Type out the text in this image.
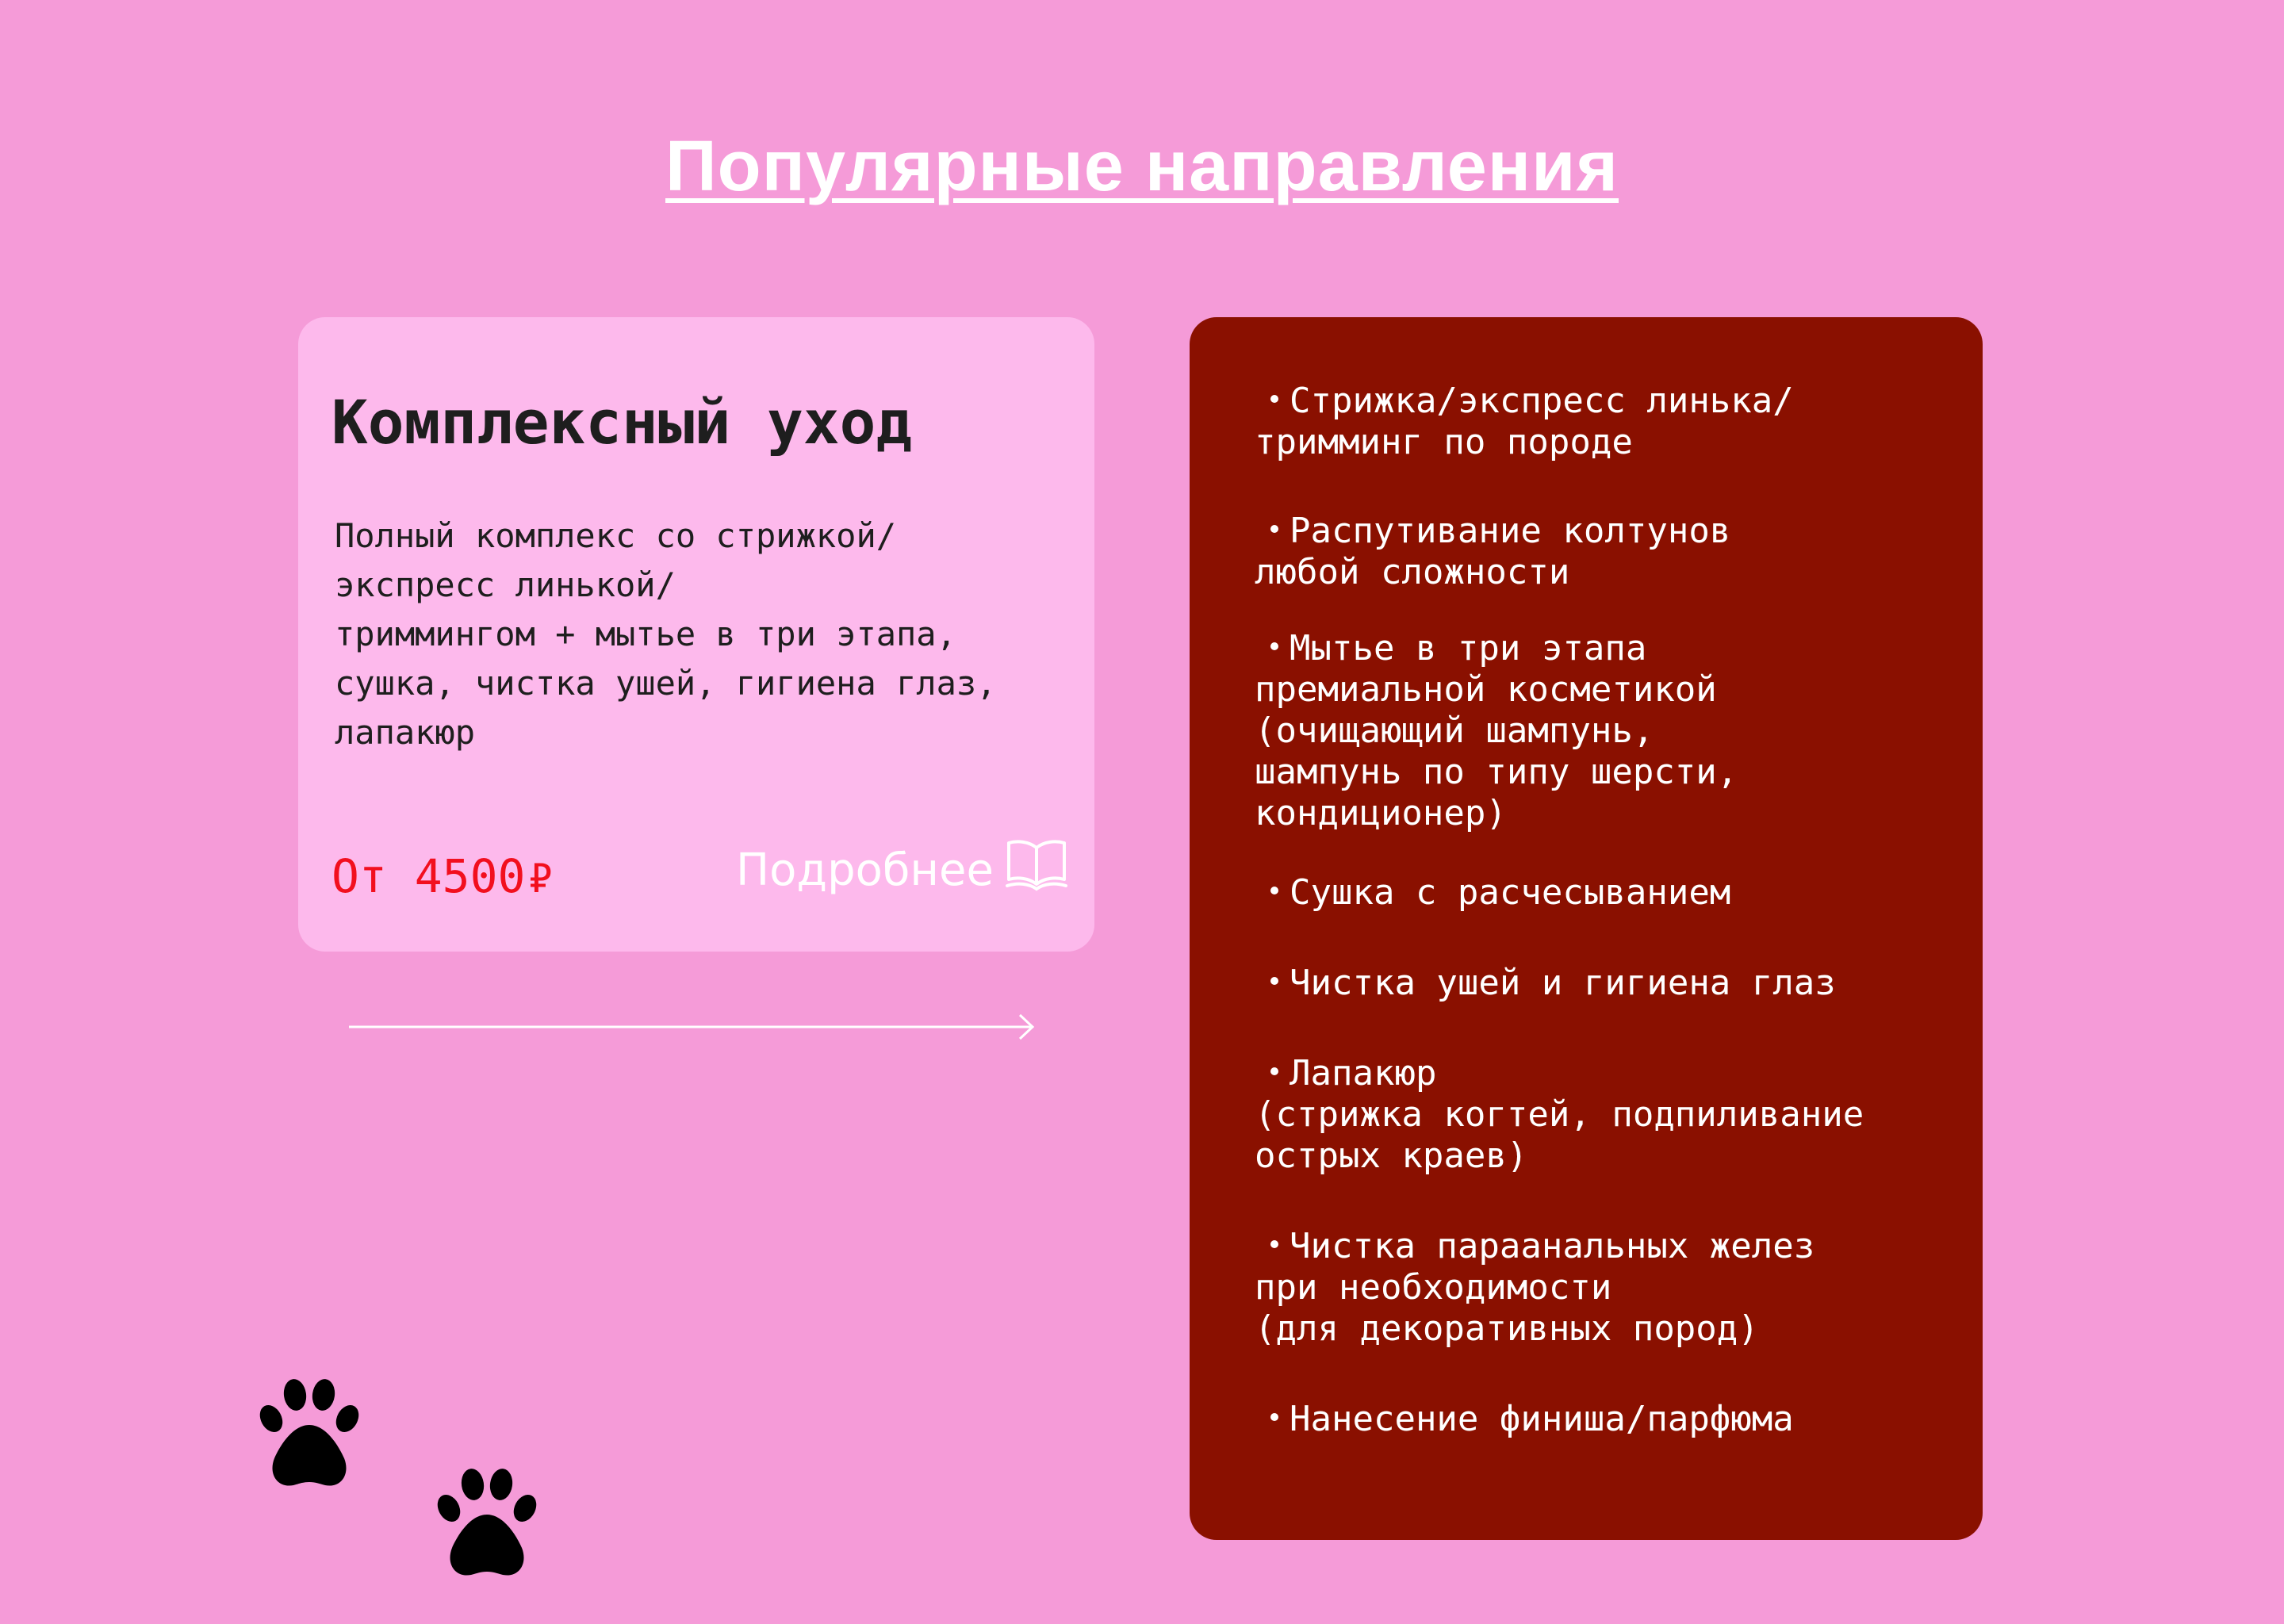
Популярные направления
Комплексный уход

Полный комплекс со стрижкой/
экспресс линькой/
триммингом + мытье в три этапа,
сушка, чистка ушей, гигиена глаз,
лапакюр

От 4500₽	Подробнее

Стрижка/экспресс линька/
тримминг по породе

Распутивание колтунов
любой сложности

Мытье в три этапа
премиальной косметикой
(очищающий шампунь,
шампунь по типу шерсти,
кондиционер)

Сушка с расчесыванием

Чистка ушей и гигиена глаз

Лапакюр
(стрижка когтей, подпиливание
острых краев)

Чистка параанальных желез
при необходимости
(для декоративных пород)

Нанесение финиша/парфюма
